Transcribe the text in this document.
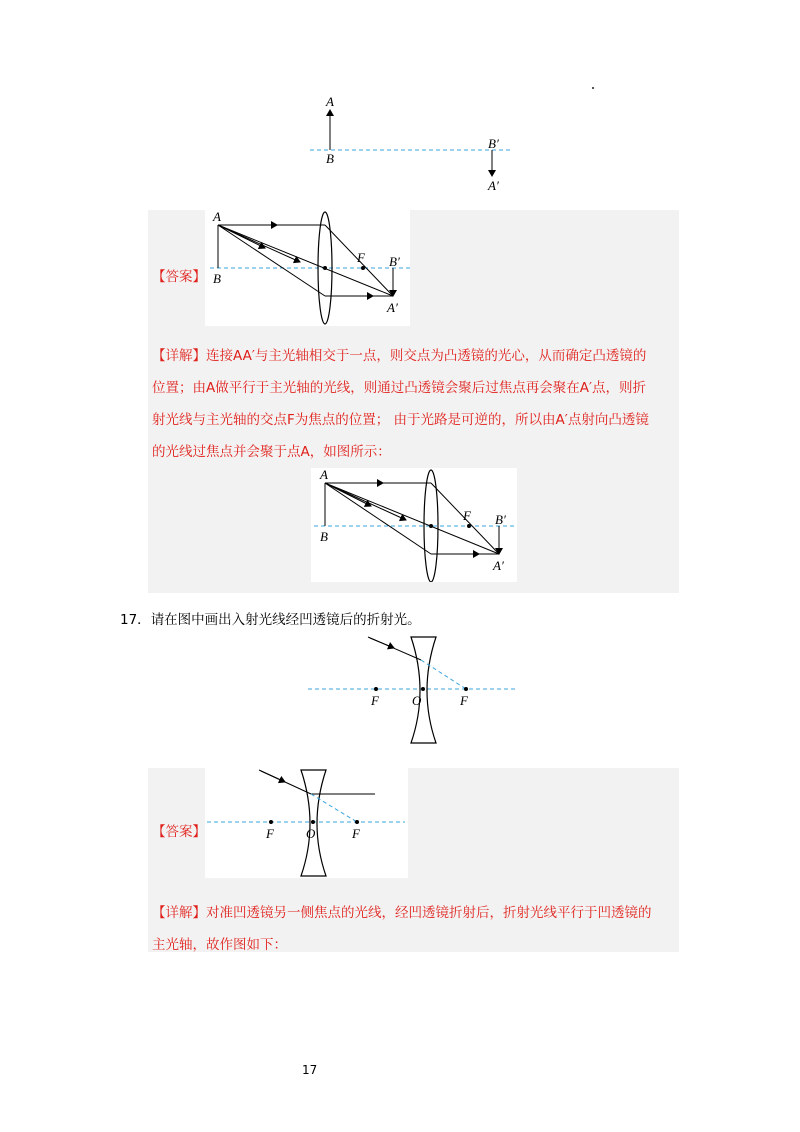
A
B
B′
A′
【答案】
A
B
F B′
A′
【详解】连接AA′与主光轴相交于一点，则交点为凸透镜的光心，从而确定凸透镜的
位置；由A做平行于主光轴的光线，则通过凸透镜会聚后过焦点再会聚在A′点，则折
射光线与主光轴的交点F为焦点的位置； 由于光路是可逆的，所以由A′点射向凸透镜
的光线过焦点并会聚于点A，如图所示：
A
B
F B′
A′
17．请在图中画出入射光线经凹透镜后的折射光。
F	O	F
【答案】	F O	F
【详解】对准凹透镜另一侧焦点的光线，经凹透镜折射后，折射光线平行于凹透镜的
主光轴，故作图如下：
17
